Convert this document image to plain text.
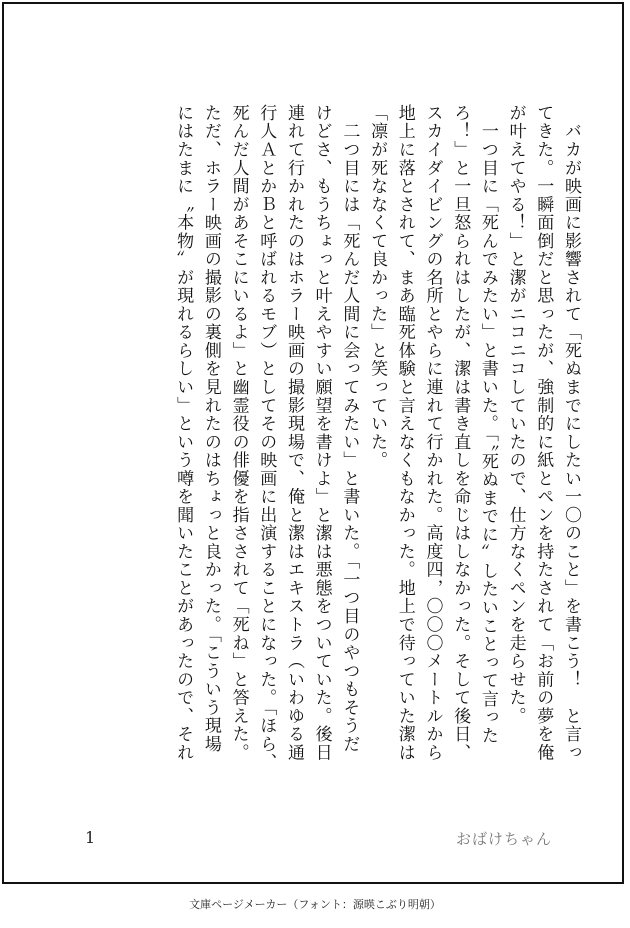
　バカが映画に影響されて「死ぬまでにしたい一〇のこと」を書こう！　と言っ
てきた。一瞬面倒だと思ったが、強制的に紙とペンを持たされて「お前の夢を俺
が叶えてやる！」と潔がニコニコしていたので、仕方なくペンを走らせた。
　一つ目に「死んでみたい」と書いた。「〝死ぬまでに〟したいことって言った
ろ！」と一旦怒られはしたが、潔は書き直しを命じはしなかった。そして後日、
スカイダイビングの名所とやらに連れて行かれた。高度四，〇〇〇メートルから
地上に落とされて、まあ臨死体験と言えなくもなかった。地上で待っていた潔は
「凛が死ななくて良かった」と笑っていた。
　二つ目には「死んだ人間に会ってみたい」と書いた。「一つ目のやつもそうだ
けどさ、もうちょっと叶えやすい願望を書けよ」と潔は悪態をついていた。後日
連れて行かれたのはホラー映画の撮影現場で、俺と潔はエキストラ（いわゆる通
行人ＡとかＢと呼ばれるモブ）としてその映画に出演することになった。「ほら、
死んだ人間があそこにいるよ」と幽霊役の俳優を指さされて「死ね」と答えた。
ただ、ホラー映画の撮影の裏側を見れたのはちょっと良かった。「こういう現場
にはたまに〝本物〟が現れるらしい」という噂を聞いたことがあったので、それ
1	おばけちゃん
文庫ページメーカー（フォント：源暎こぶり明朝）
